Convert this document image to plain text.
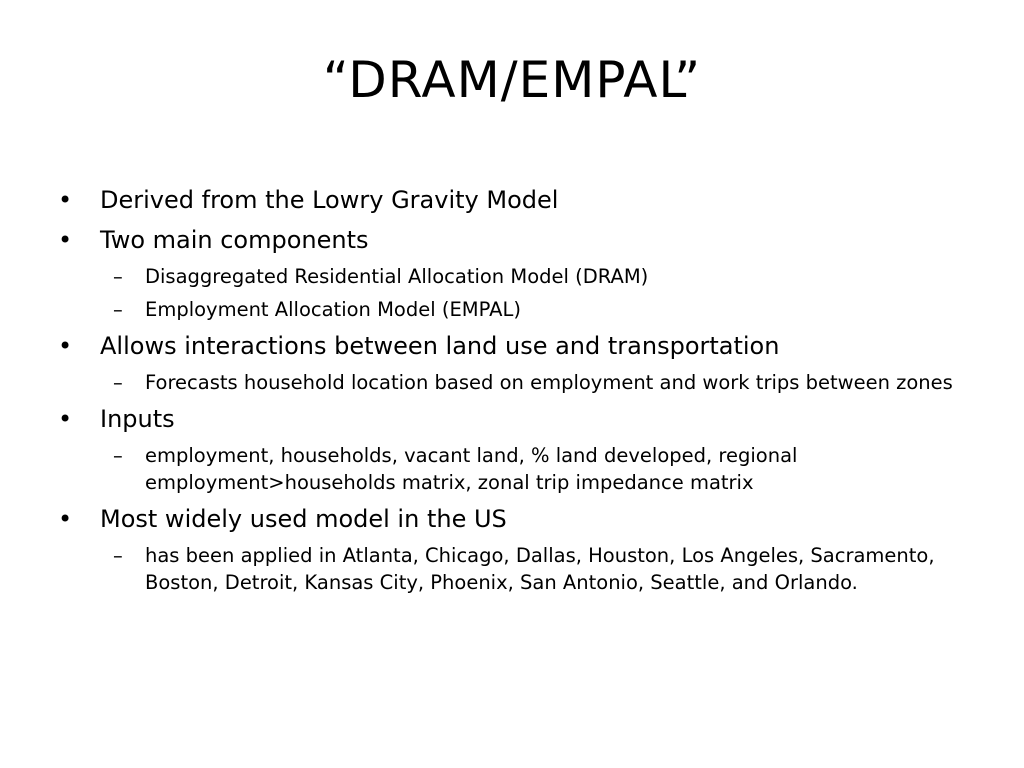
“DRAM/EMPAL”
• Derived from the Lowry Gravity Model
• Two main components
– Disaggregated Residential Allocation Model (DRAM)
– Employment Allocation Model (EMPAL)
• Allows interactions between land use and transportation
– Forecasts household location based on employment and work trips between zones
• Inputs
– employment, households, vacant land, % land developed, regional employment>households matrix, zonal trip impedance matrix
• Most widely used model in the US
– has been applied in Atlanta, Chicago, Dallas, Houston, Los Angeles, Sacramento, Boston, Detroit, Kansas City, Phoenix, San Antonio, Seattle, and Orlando.
